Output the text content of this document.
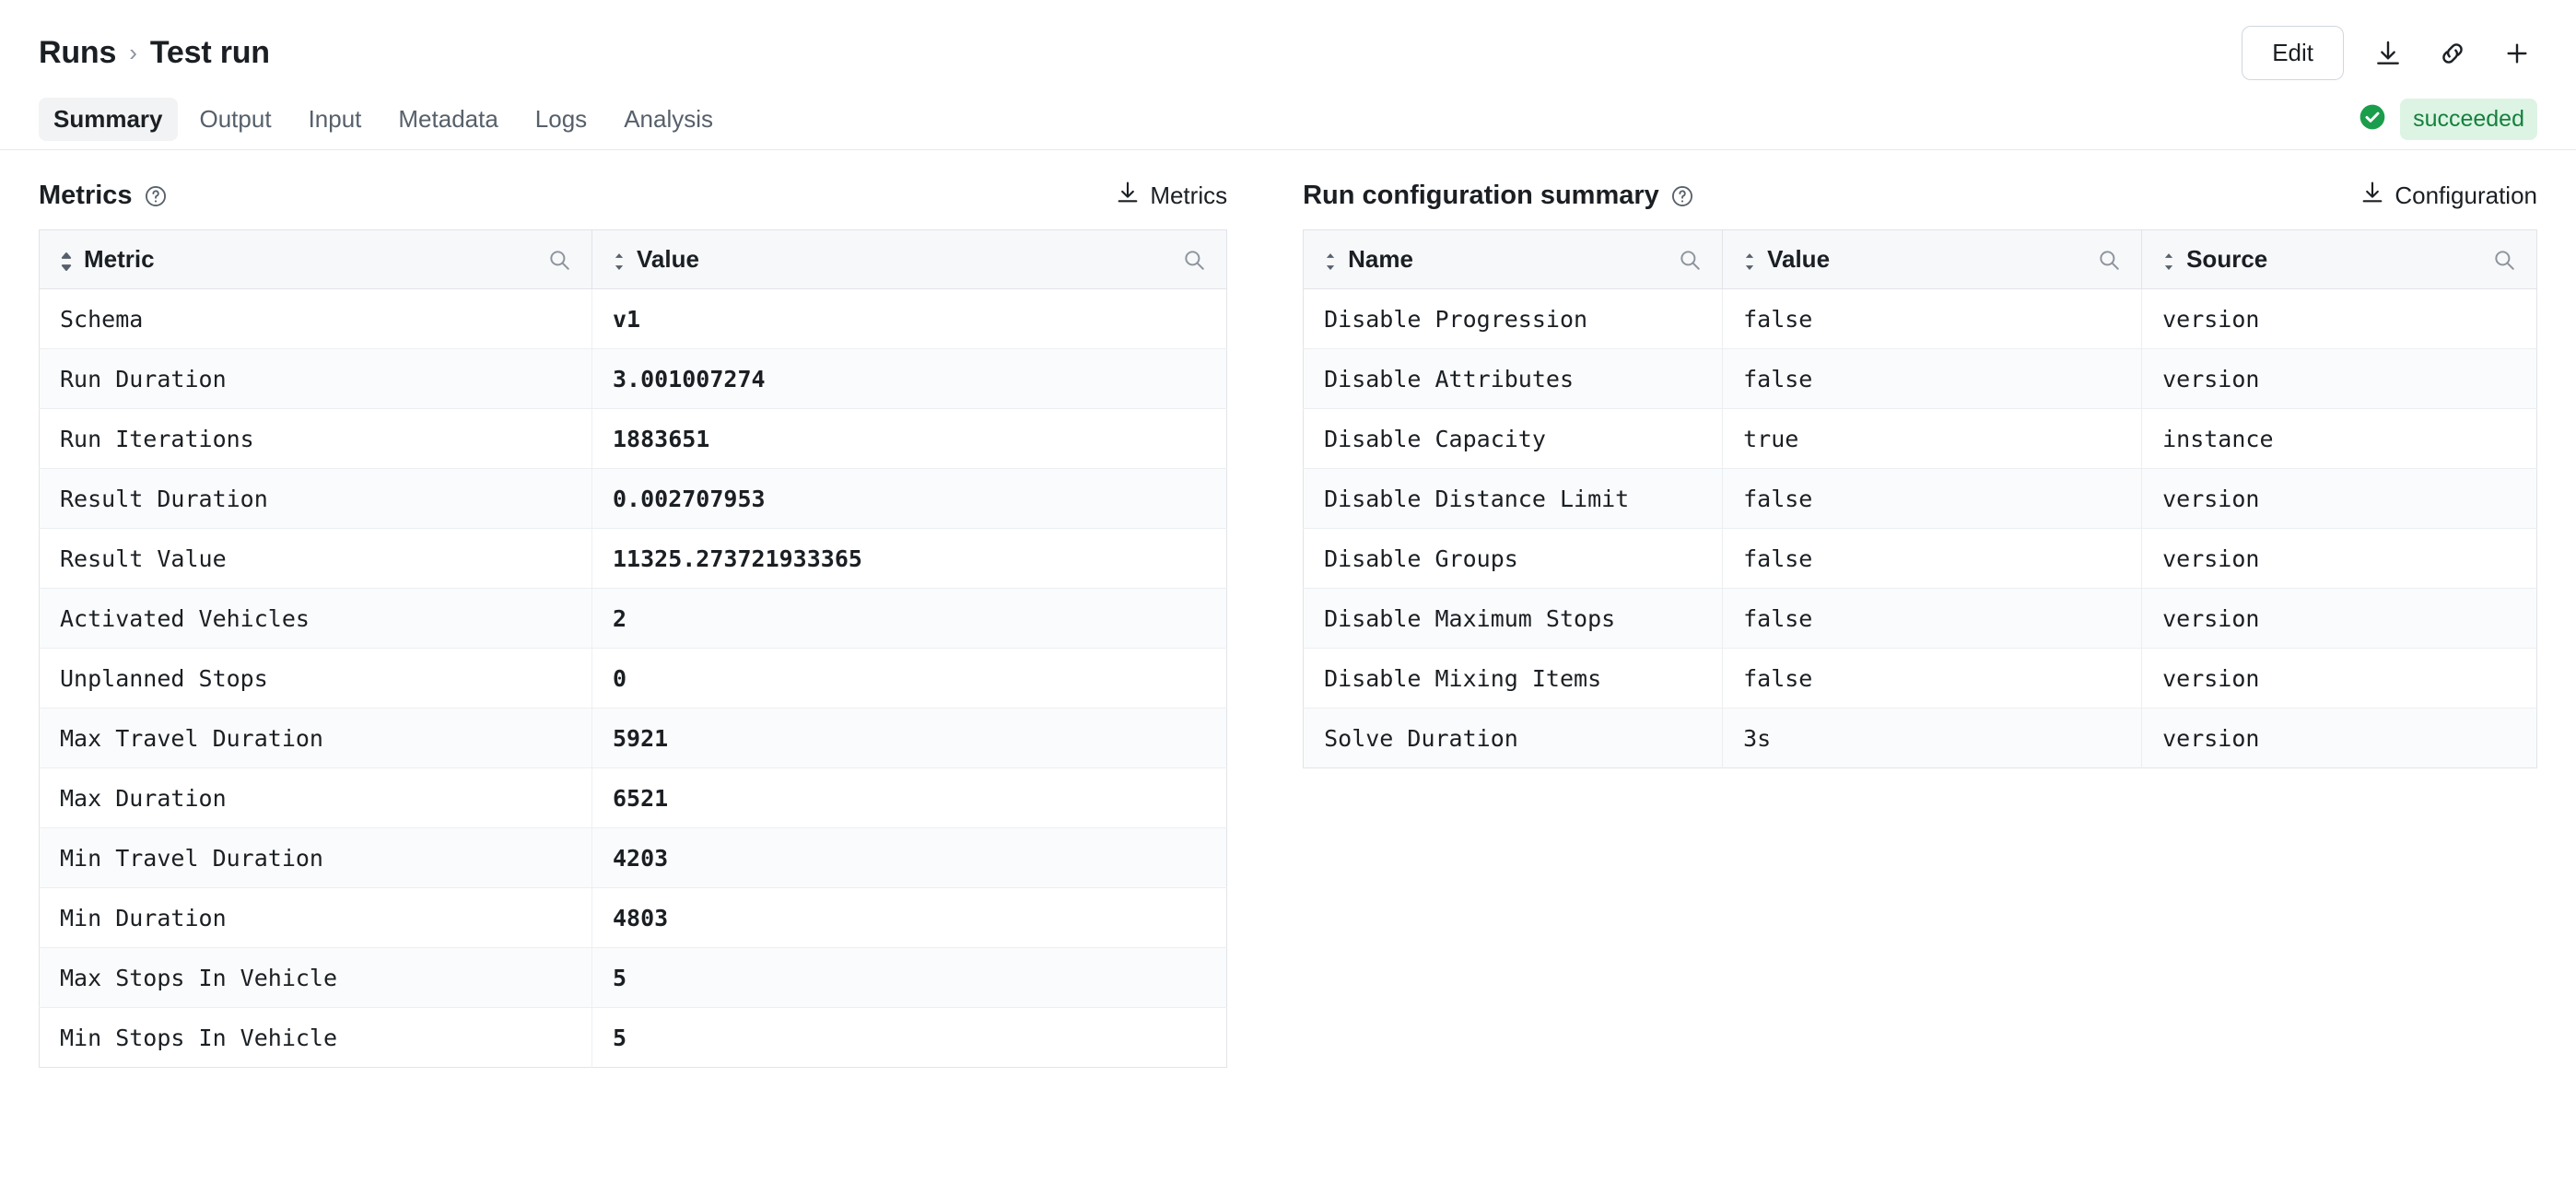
Runs › Test run	Edit
Summary	Output	Input	Metadata	Logs	Analysis	succeeded
Metrics	Metrics
Metric	Value

Schema	v1
Run Duration	3.001007274
Run Iterations	1883651
Result Duration	0.002707953
Result Value	11325.273721933365
Activated Vehicles	2
Unplanned Stops	0
Max Travel Duration	5921
Max Duration	6521
Min Travel Duration	4203
Min Duration	4803
Max Stops In Vehicle	5
Min Stops In Vehicle	5
Run configuration summary	Configuration
Name	Value	Source

Disable Progression	false	version
Disable Attributes	false	version
Disable Capacity	true	instance
Disable Distance Limit	false	version
Disable Groups	false	version
Disable Maximum Stops	false	version
Disable Mixing Items	false	version
Solve Duration	3s	version
